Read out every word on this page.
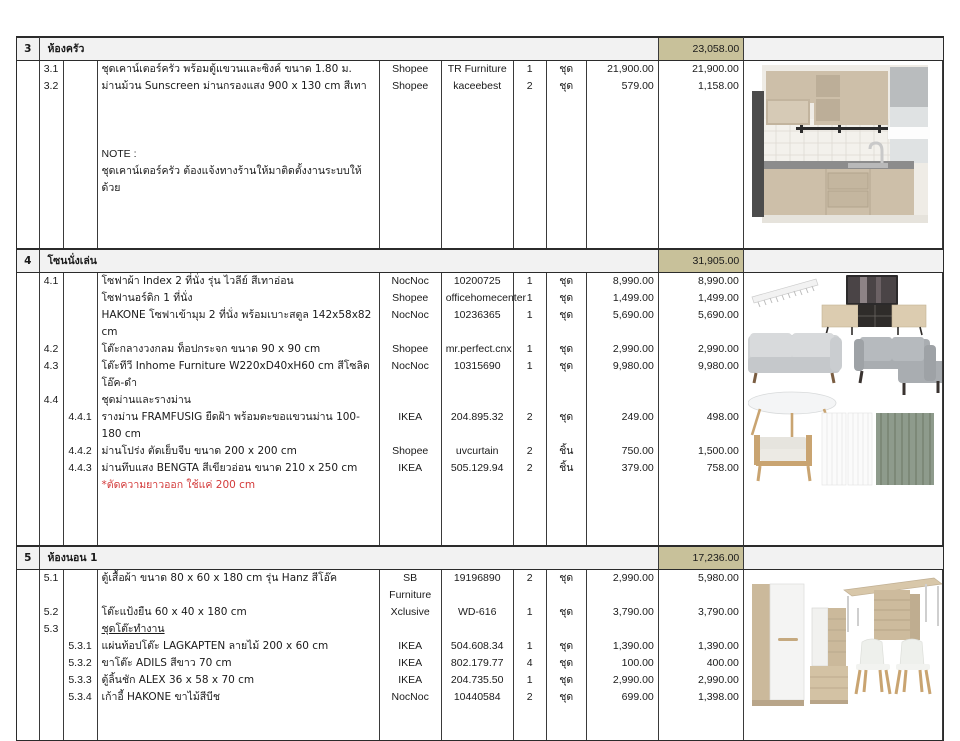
3	ห้องครัว	23,058.00	
	3.1		ชุดเคาน์เตอร์ครัว พร้อมตู้แขวนและซิงค์ ขนาด 1.80 ม.	Shopee	TR Furniture	1	ชุด	21,900.00	21,900.00	

	3.2		ม่านม้วน Sunscreen ม่านกรองแสง 900 x 130 cm สีเทา	Shopee	kaceebest	2	ชุด	579.00	1,158.00	

			NOTE :							
			ชุดเคาน์เตอร์ครัว ต้องแจ้งทางร้านให้มาติดตั้งงานระบบให้ด้วย							

4	โซนนั่งเล่น	31,905.00	
	4.1		โซฟาผ้า Index 2 ที่นั่ง รุ่น ไวลีย์ สีเทาอ่อน	NocNoc	10200725	1	ชุด	8,990.00	8,990.00	

			โซฟานอร์ดิก 1 ที่นั่ง	Shopee	officehomecenter	1	ชุด	1,499.00	1,499.00	
			HAKONE โซฟาเข้ามุม 2 ที่นั่ง พร้อมเบาะสตูล 142x58x82 cm	NocNoc	10236365	1	ชุด	5,690.00	5,690.00	
	4.2		โต๊ะกลางวงกลม ท็อปกระจก ขนาด 90 x 90 cm	Shopee	mr.perfect.cnx	1	ชุด	2,990.00	2,990.00	
	4.3		โต๊ะทีวี Inhome Furniture W220xD40xH60 cm สีโซลิดโอ๊ค-ดำ	NocNoc	10315690	1	ชุด	9,980.00	9,980.00	
	4.4		ชุดม่านและรางม่าน							
		4.4.1	รางม่าน FRAMFUSIG ยืดฝ้า พร้อมตะขอแขวนม่าน 100-180 cm	IKEA	204.895.32	2	ชุด	249.00	498.00	
		4.4.2	ม่านโปร่ง ตัดเย็บจีบ ขนาด 200 x 200 cm	Shopee	uvcurtain	2	ชิ้น	750.00	1,500.00	
		4.4.3	ม่านทึบแสง BENGTA สีเขียวอ่อน ขนาด 210 x 250 cm	IKEA	505.129.94	2	ชิ้น	379.00	758.00	
			*ตัดความยาวออก ใช้แค่ 200 cm							

5	ห้องนอน 1	17,236.00	
	5.1		ตู้เสื้อผ้า ขนาด 80 x 60 x 180 cm รุ่น Hanz สีโอ๊ค	SB Furniture	19196890	2	ชุด	2,990.00	5,980.00	

	5.2		โต๊ะแป้งยืน 60 x 40 x 180 cm	Xclusive	WD-616	1	ชุด	3,790.00	3,790.00	
	5.3		ชุดโต๊ะทำงาน							
		5.3.1	แผ่นท้อปโต๊ะ LAGKAPTEN ลายไม้ 200 x 60 cm	IKEA	504.608.34	1	ชุด	1,390.00	1,390.00	
		5.3.2	ขาโต๊ะ ADILS สีขาว 70 cm	IKEA	802.179.77	4	ชุด	100.00	400.00	
		5.3.3	ตู้ลิ้นชัก ALEX 36 x 58 x 70 cm	IKEA	204.735.50	1	ชุด	2,990.00	2,990.00	
		5.3.4	เก้าอี้ HAKONE ขาไม้สีบีช	NocNoc	10440584	2	ชุด	699.00	1,398.00	
